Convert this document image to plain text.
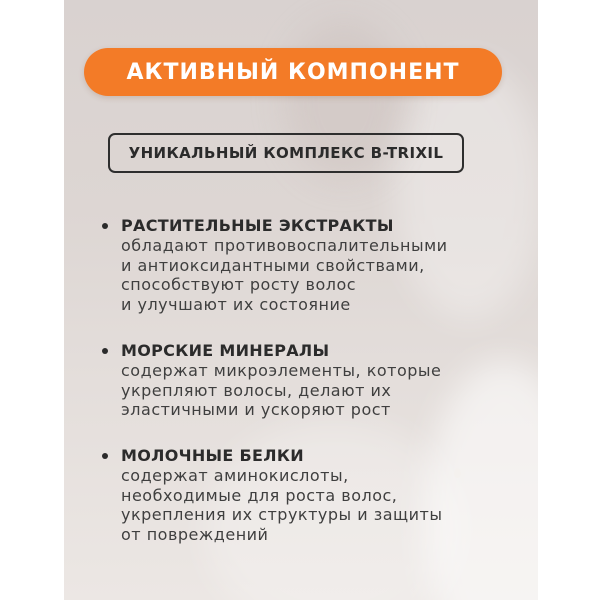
АКТИВНЫЙ КОМПОНЕНТ
УНИКАЛЬНЫЙ КОМПЛЕКС B-TRIXIL
РАСТИТЕЛЬНЫЕ ЭКСТРАКТЫ
обладают противовоспалительными
и антиоксидантными свойствами,
способствуют росту волос
и улучшают их состояние
МОРСКИЕ МИНЕРАЛЫ
содержат микроэлементы, которые
укрепляют волосы, делают их
эластичными и ускоряют рост
МОЛОЧНЫЕ БЕЛКИ
содержат аминокислоты,
необходимые для роста волос,
укрепления их структуры и защиты
от повреждений
